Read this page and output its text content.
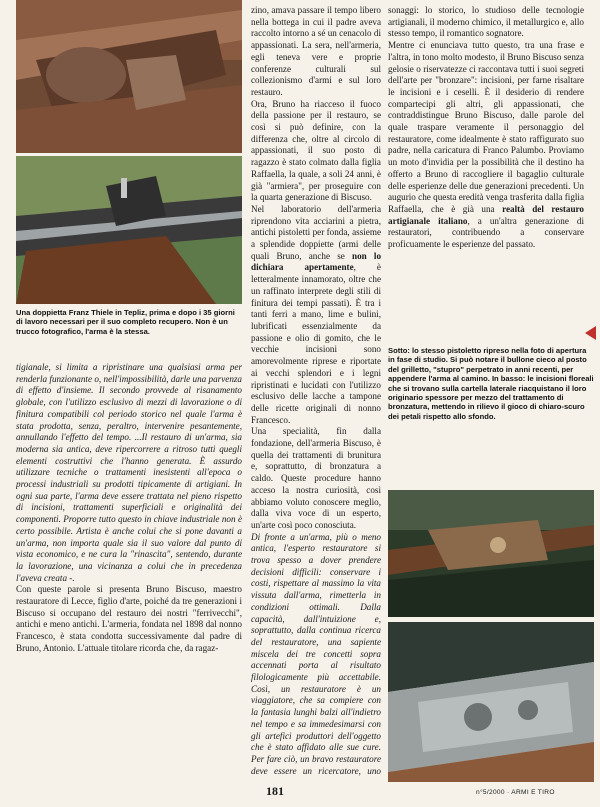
Una doppietta Franz Thiele in Tepliz, prima e dopo i 35 giorni di lavoro necessari per il suo completo recupero. Non è un trucco fotografico, l'arma è la stessa.
Sotto: lo stesso pistoletto ripreso nella foto di apertura in fase di studio. Si può notare il bullone cieco al posto del grilletto, "stupro" perpetrato in anni recenti, per appendere l'arma al camino. In basso: le incisioni floreali che si trovano sulla cartella laterale riacquistano il loro originario spessore per mezzo del trattamento di bronzatura, mettendo in rilievo il gioco di chiaro-scuro dei petali rispetto allo sfondo.

tigianale, si limita a ripristinare una qualsiasi arma per renderla funzionante o, nell'impossibilità, darle una parvenza di effetto d'insieme. Il secondo provvede al risanamento globale, con l'utilizzo esclusivo di mezzi di lavorazione o di finitura compatibili col periodo storico nel quale l'arma è stata prodotta, senza, peraltro, intervenire pesantemente, annullando l'effetto del tempo. ...Il restauro di un'arma, sia moderna sia antica, deve ripercorrere a ritroso tutti quegli elementi costruttivi che l'hanno generata. È assurdo utilizzare tecniche o trattamenti inesistenti all'epoca o processi industriali su prodotti tipicamente di artigiani. In ogni sua parte, l'arma deve essere trattata nel pieno rispetto di incisioni, trattamenti superficiali e originalità dei componenti. Proporre tutto questo in chiave industriale non è certo possibile. Artista è anche colui che si pone davanti a un'arma, non importa quale sia il suo valore dal punto di vista economico, e ne cura la "rinascita", sentendo, durante la lavorazione, una vicinanza a colui che in precedenza l'aveva creata -.

Con queste parole si presenta Bruno Biscuso, maestro restauratore di Lecce, figlio d'arte, poiché da tre generazioni i Biscuso si occupano del restauro dei nostri "ferrivecchi", antichi e meno antichi. L'armeria, fondata nel 1898 dal nonno Francesco, è stata condotta successivamente dal padre di Bruno, Antonio. L'attuale titolare ricorda che, da ragaz-

zino, amava passare il tempo libero nella bottega in cui il padre aveva raccolto intorno a sé un cenacolo di appassionati. La sera, nell'armeria, egli teneva vere e proprie conferenze culturali sul collezionismo d'armi e sul loro restauro.

Ora, Bruno ha riacceso il fuoco della passione per il restauro, se così si può definire, con la differenza che, oltre al circolo di appassionati, il suo posto di ragazzo è stato colmato dalla figlia Raffaella, la quale, a soli 24 anni, è già "armiera", per proseguire con la quarta generazione di Biscuso.

Nel laboratorio dell'armeria riprendono vita acciarini a pietra, antichi pistoletti per fonda, assieme a splendide doppiette (armi delle quali Bruno, anche se non lo dichiara apertamente, è letteralmente innamorato, oltre che un raffinato interprete degli stili di finitura dei tempi passati). È tra i tanti ferri a mano, lime e bulini, lubrificati essenzialmente da passione e olio di gomito, che le vecchie incisioni sono amorevolmente riprese e riportate ai vecchi splendori e i legni ripristinati e lucidati con l'utilizzo esclusivo delle lacche a tampone delle ricette originali di nonno Francesco.

Una specialità, fin dalla fondazione, dell'armeria Biscuso, è quella dei trattamenti di brunitura e, soprattutto, di bronzatura a caldo. Queste procedure hanno acceso la nostra curiosità, così abbiamo voluto conoscere meglio, dalla viva voce di un esperto, un'arte così poco conosciuta.

Di fronte a un'arma, più o meno antica, l'esperto restauratore si trova spesso a dover prendere decisioni difficili: conservare i costi, rispettare al massimo la vita vissuta dall'arma, rimetterla in condizioni ottimali. Dalla capacità, dall'intuizione e, soprattutto, dalla continua ricerca del restauratore, una sapiente miscela dei tre concetti sopra accennati porta al risultato filologicamente più accettabile. Così, un restauratore è un viaggiatore, che sa compiere con la fantasia lunghi balzi all'indietro nel tempo e sa immedesimarsi con gli artefici produttori dell'oggetto che è stato affidato alle sue cure. Per fare ciò, un bravo restauratore deve essere un ricercatore, uno

sonaggi: lo storico, lo studioso delle tecnologie artigianali, il moderno chimico, il metallurgico e, allo stesso tempo, il romantico sognatore.

Mentre ci enunciava tutto questo, tra una frase e l'altra, in tono molto modesto, il Bruno Biscuso senza gelosie o riservatezze ci raccontava tutti i suoi segreti dell'arte per "bronzare": incisioni, per farne risaltare le incisioni e i ceselli. È il desiderio di rendere compartecipi gli altri, gli appassionati, che contraddistingue Bruno Biscuso, dalle parole del quale traspare veramente il personaggio del restauratore, come idealmente è stato raffigurato suo padre, nella caricatura di Franco Palumbo. Proviamo un moto d'invidia per la possibilità che il destino ha offerto a Bruno di raccogliere il bagaglio culturale delle esperienze delle due generazioni precedenti. Un augurio che questa eredità venga trasferita dalla figlia Raffaella, che è già una realtà del restauro artigianale italiano, a un'altra generazione di restauratori, contribuendo a conservare proficuamente le esperienze del passato.

181	n°5/2000 · ARMI E TIRO
